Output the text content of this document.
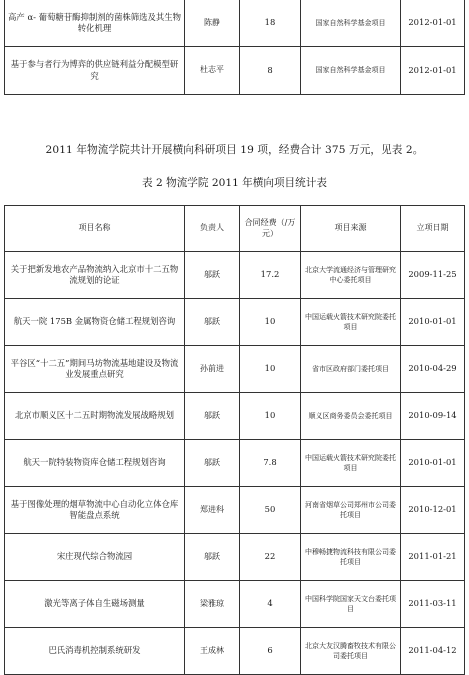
高产 α- 葡萄糖苷酶抑制剂的菌株筛选及其生物转化机理	陈静	18	国家自然科学基金项目	2012-01-01
基于参与者行为博弈的供应链利益分配模型研究	杜志平	8	国家自然科学基金项目	2012-01-01
2011 年物流学院共计开展横向科研项目 19 项，经费合计 375 万元，见表 2。
表 2 物流学院 2011 年横向项目统计表
项目名称	负责人	合同经费（/万元）	项目来源	立项日期
关于把新发地农产品物流纳入北京市十二五物流规划的论证	邬跃	17.2	北京大学流通经济与管理研究中心委托项目	2009-11-25
航天一院 175B 金属物资仓储工程规划咨询	邬跃	10	中国运载火箭技术研究院委托项目	2010-01-01
平谷区“十二五”期间马坊物流基地建设及物流业发展重点研究	孙前进	10	省市区政府部门委托项目	2010-04-29
北京市顺义区十二五时期物流发展战略规划	邬跃	10	顺义区商务委员会委托项目	2010-09-14
航天一院特装物资库仓储工程规划咨询	邬跃	7.8	中国运载火箭技术研究院委托项目	2010-01-01
基于图像处理的烟草物流中心自动化立体仓库智能盘点系统	郑进科	50	河南省烟草公司郑州市公司委托项目	2010-12-01
宋庄现代综合物流园	邬跃	22	中穆畅捷物流科技有限公司委托项目	2011-01-21
激光等离子体自生磁场测量	梁雅琼	4	中国科学院国家天文台委托项目	2011-03-11
巴氏消毒机控制系统研发	王成林	6	北京大友汉腾畜牧技术有限公司委托项目	2011-04-12
